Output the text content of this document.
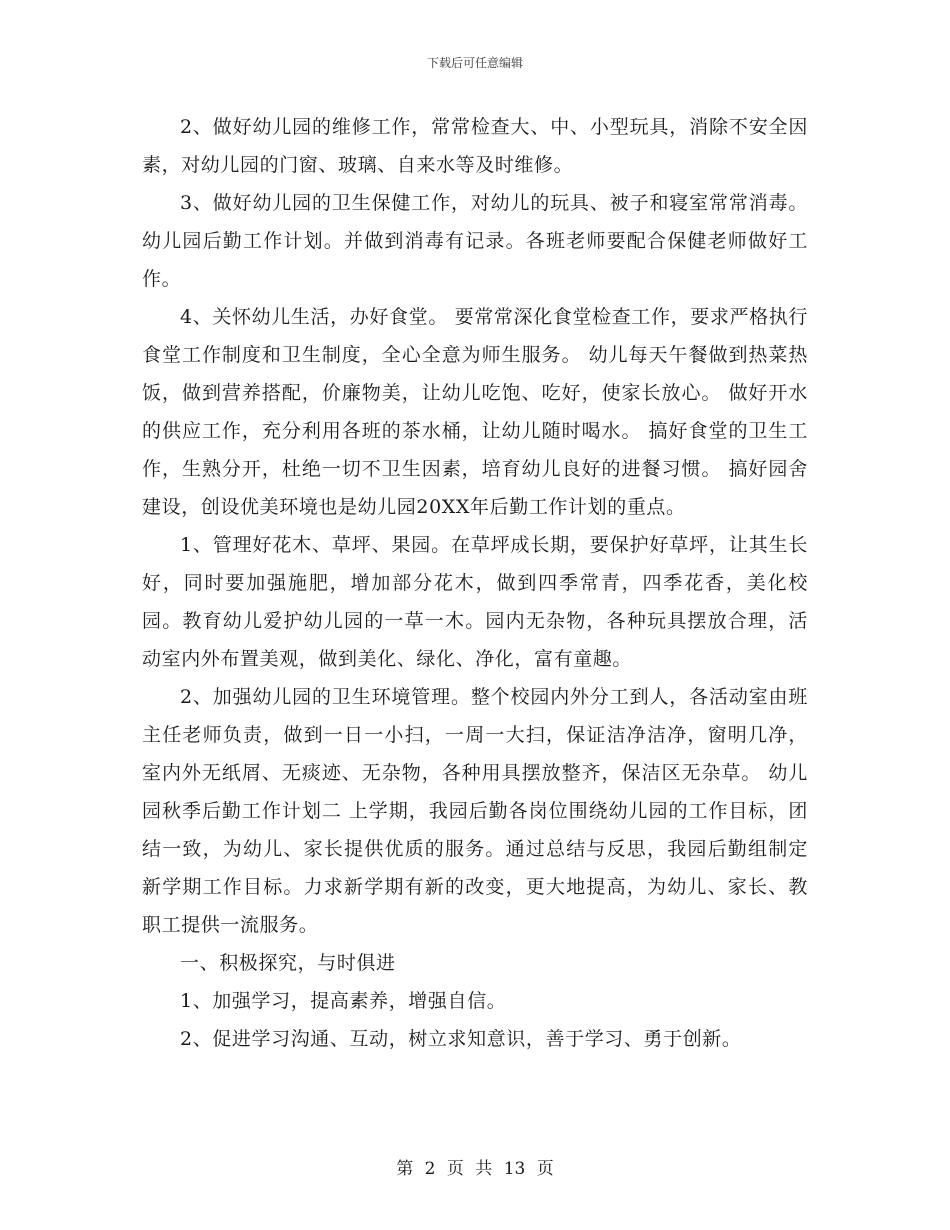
下载后可任意编辑

2、做好幼儿园的维修工作，常常检查大、中、小型玩具，消除不安全因素，对幼儿园的门窗、玻璃、自来水等及时维修。

3、做好幼儿园的卫生保健工作，对幼儿的玩具、被子和寝室常常消毒。幼儿园后勤工作计划。并做到消毒有记录。各班老师要配合保健老师做好工作。

4、关怀幼儿生活，办好食堂。 要常常深化食堂检查工作，要求严格执行食堂工作制度和卫生制度，全心全意为师生服务。 幼儿每天午餐做到热菜热饭，做到营养搭配，价廉物美，让幼儿吃饱、吃好，使家长放心。 做好开水的供应工作，充分利用各班的茶水桶，让幼儿随时喝水。 搞好食堂的卫生工作，生熟分开，杜绝一切不卫生因素，培育幼儿良好的进餐习惯。 搞好园舍建设，创设优美环境也是幼儿园20XX年后勤工作计划的重点。

1、管理好花木、草坪、果园。在草坪成长期，要保护好草坪，让其生长好，同时要加强施肥，增加部分花木，做到四季常青，四季花香，美化校园。教育幼儿爱护幼儿园的一草一木。园内无杂物，各种玩具摆放合理，活动室内外布置美观，做到美化、绿化、净化，富有童趣。

2、加强幼儿园的卫生环境管理。整个校园内外分工到人，各活动室由班主任老师负责，做到一日一小扫，一周一大扫，保证洁净洁净，窗明几净，室内外无纸屑、无痰迹、无杂物，各种用具摆放整齐，保洁区无杂草。 幼儿园秋季后勤工作计划二 上学期，我园后勤各岗位围绕幼儿园的工作目标，团结一致，为幼儿、家长提供优质的服务。通过总结与反思，我园后勤组制定新学期工作目标。力求新学期有新的改变，更大地提高，为幼儿、家长、教职工提供一流服务。

一、积极探究，与时俱进

1、加强学习，提高素养，增强自信。

2、促进学习沟通、互动，树立求知意识，善于学习、勇于创新。

第 2 页 共 13 页
